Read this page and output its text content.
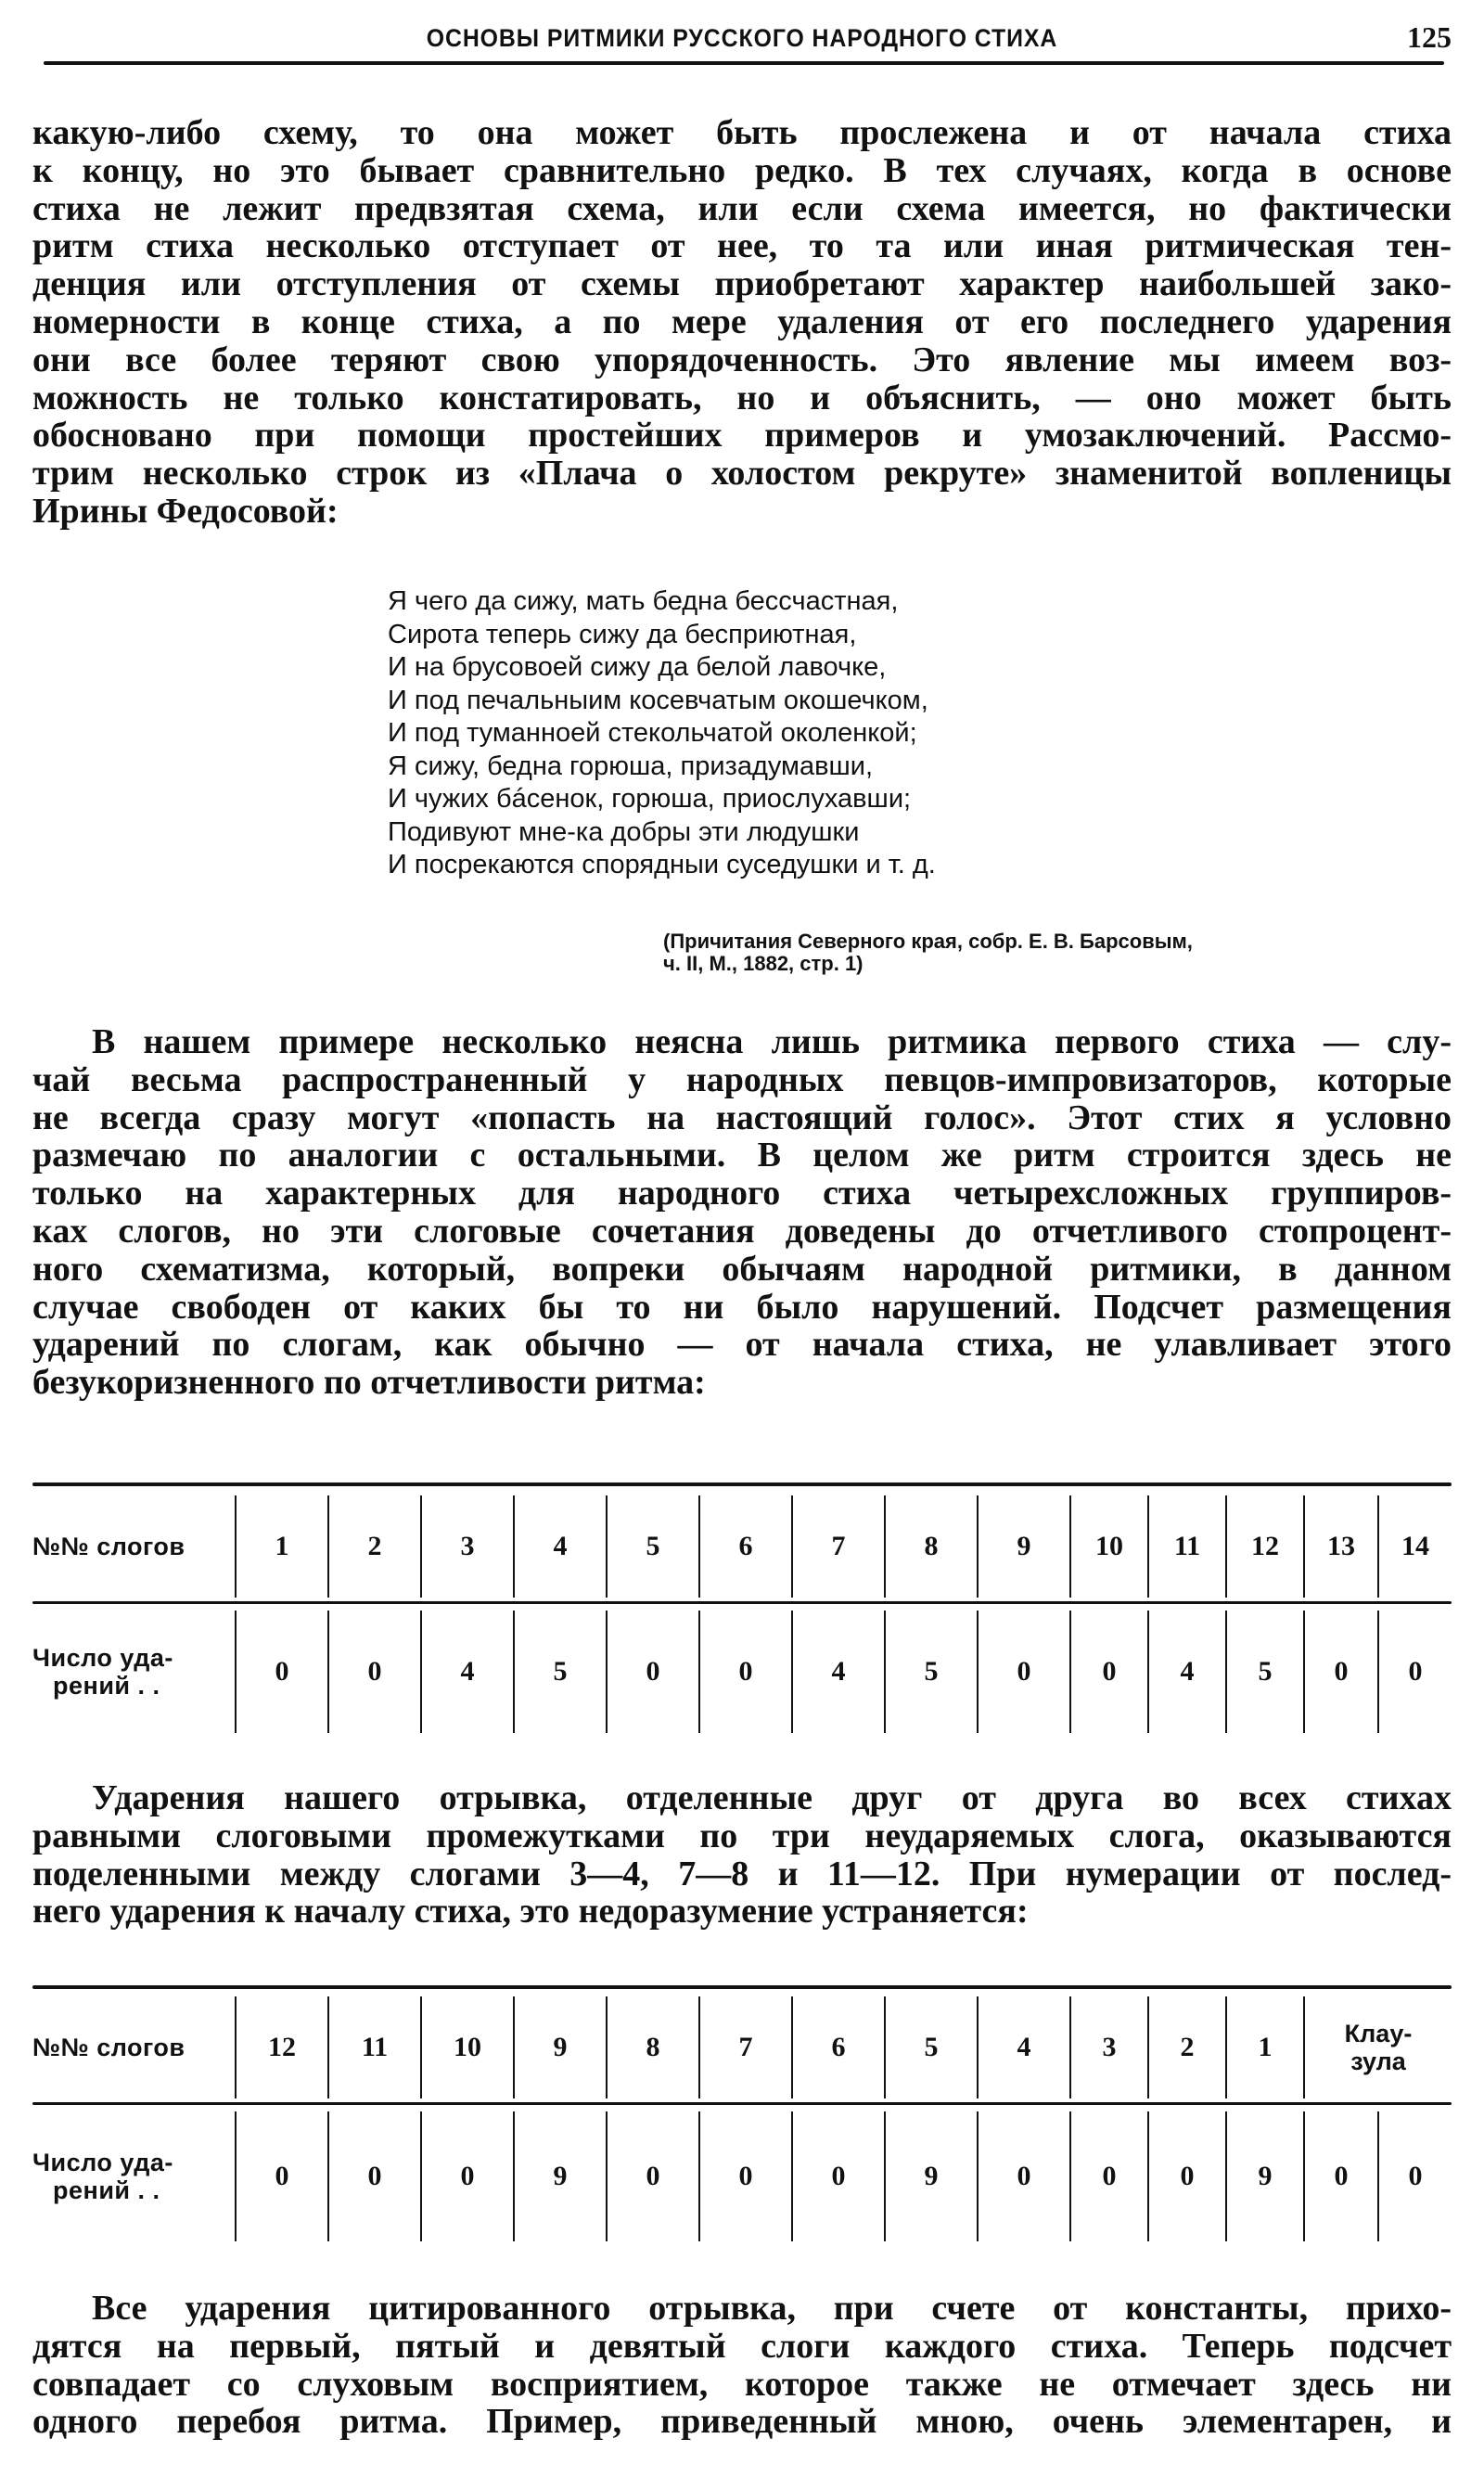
ОСНОВЫ РИТМИКИ РУССКОГО НАРОДНОГО СТИХА	125
какую-либо схему, то она может быть прослежена и от начала стиха
к концу, но это бывает сравнительно редко. В тех случаях, когда в основе
стиха не лежит предвзятая схема, или если схема имеется, но фактически
ритм стиха несколько отступает от нее, то та или иная ритмическая тен-
денция или отступления от схемы приобретают характер наибольшей зако-
номерности в конце стиха, а по мере удаления от его последнего ударения
они все более теряют свою упорядоченность. Это явление мы имеем воз-
можность не только констатировать, но и объяснить, — оно может быть
обосновано при помощи простейших примеров и умозаключений. Рассмо-
трим несколько строк из «Плача о холостом рекруте» знаменитой вопленицы
Ирины Федосовой:
Я чего да сижу, мать бедна бессчастная,
Сирота теперь сижу да бесприютная,
И на брусовоей сижу да белой лавочке,
И под печальныим косевчатым окошечком,
И под туманноей стекольчатой околенкой;
Я сижу, бедна горюша, призадумавши,
И чужих бáсенок, горюша, приослухавши;
Подивуют мне-ка добры эти людушки
И посрекаются спорядныи суседушки и т. д.
(Причитания Северного края, собр. Е. В. Барсовым,
ч. II, М., 1882, стр. 1)
В нашем примере несколько неясна лишь ритмика первого стиха — слу-
чай весьма распространенный у народных певцов-импровизаторов, которые
не всегда сразу могут «попасть на настоящий голос». Этот стих я условно
размечаю по аналогии с остальными. В целом же ритм строится здесь не
только на характерных для народного стиха четырехсложных группиров-
ках слогов, но эти слоговые сочетания доведены до отчетливого стопроцент-
ного схематизма, который, вопреки обычаям народной ритмики, в данном
случае свободен от каких бы то ни было нарушений. Подсчет размещения
ударений по слогам, как обычно — от начала стиха, не улавливает этого
безукоризненного по отчетливости ритма:
№№ слогов	1	2	3	4	5	6	7	8	9	10	11	12	13	14
Число уда-
рений . .	0	0	4	5	0	0	4	5	0	0	4	5	0	0
Ударения нашего отрывка, отделенные друг от друга во всех стихах
равными слоговыми промежутками по три неударяемых слога, оказываются
поделенными между слогами 3—4, 7—8 и 11—12. При нумерации от послед-
него ударения к началу стиха, это недоразумение устраняется:
№№ слогов	12	11	10	9	8	7	6	5	4	3	2	1	Клау-
зула
Число уда-
рений . .	0	0	0	9	0	0	0	9	0	0	0	9	0	0
Все ударения цитированного отрывка, при счете от константы, прихо-
дятся на первый, пятый и девятый слоги каждого стиха. Теперь подсчет
совпадает со слуховым восприятием, которое также не отмечает здесь ни
одного перебоя ритма. Пример, приведенный мною, очень элементарен, и
